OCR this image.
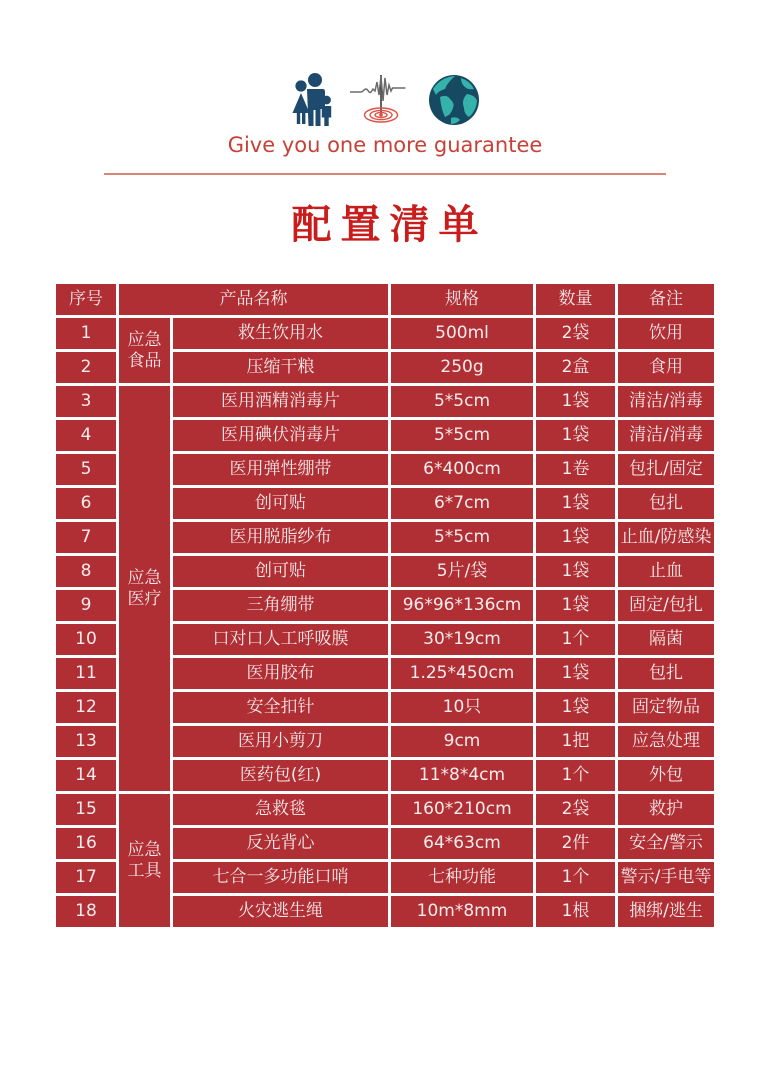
Give you one more guarantee
配置清单
序号	产品名称		规格	数量	备注
1	应急食品	救生饮用水	500ml	2袋	饮用
2		压缩干粮	250g	2盒	食用
3	应急医疗	医用酒精消毒片	5*5cm	1袋	清洁/消毒
4		医用碘伏消毒片	5*5cm	1袋	清洁/消毒
5		医用弹性绷带	6*400cm	1卷	包扎/固定
6		创可贴	6*7cm	1袋	包扎
7		医用脱脂纱布	5*5cm	1袋	止血/防感染
8		创可贴	5片/袋	1袋	止血
9		三角绷带	96*96*136cm	1袋	固定/包扎
10		口对口人工呼吸膜	30*19cm	1个	隔菌
11		医用胶布	1.25*450cm	1袋	包扎
12		安全扣针	10只	1袋	固定物品
13		医用小剪刀	9cm	1把	应急处理
14		医药包(红)	11*8*4cm	1个	外包
15	应急工具	急救毯	160*210cm	2袋	救护
16		反光背心	64*63cm	2件	安全/警示
17		七合一多功能口哨	七种功能	1个	警示/手电等
18		火灾逃生绳	10m*8mm	1根	捆绑/逃生
